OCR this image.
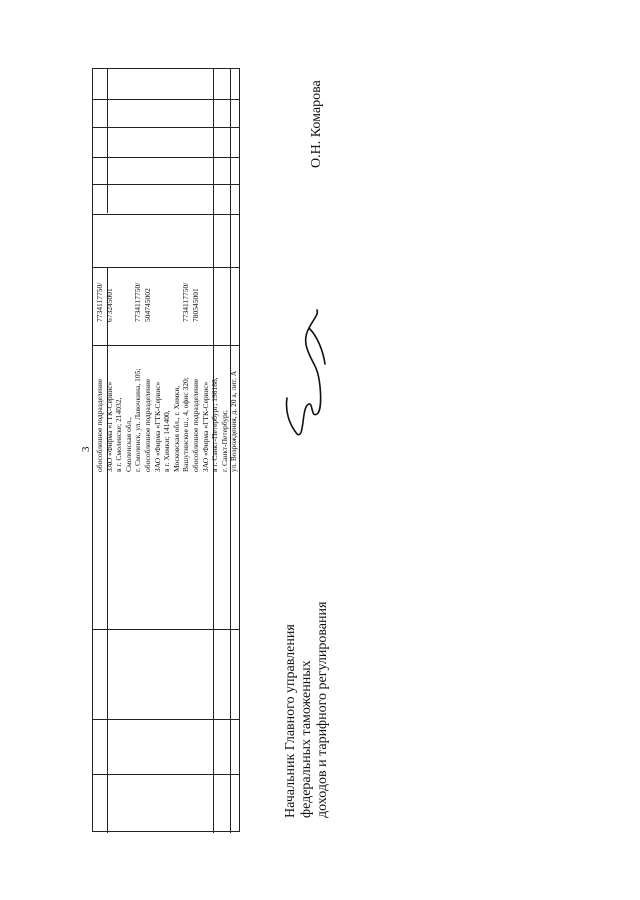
3 обособленное подразделение ЗАО «Фирма «ГТК-Сервис» в г. Смоленске; 214032, Смоленская обл., г. Смоленск, ул. Лавочкина, 105; обособленное подразделение ЗАО «Фирма «ГТК-Сервис» в г. Химки; 141400, Московская обл., г. Химки, Вашутинское ш., 4, офис 320; обособленное подразделение ЗАО «Фирма «ГТК-Сервис» в г. Санкт-Петербург; 198188, г. Санкт-Петербург, ул. Возрождения, д. 20 а, лит. А
7734117750/ 673245001

	7734117750/ 504745002

	7734117750/ 780545001
Начальник Главного управления федеральных таможенных доходов и тарифного регулирования
О.Н. Комарова
